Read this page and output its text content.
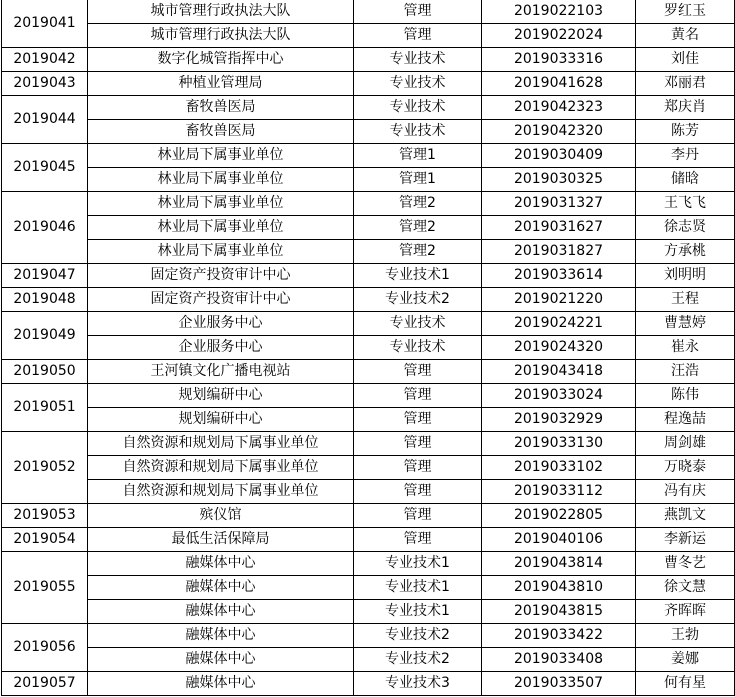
2019041	城市管理行政执法大队	管理	2019022103	罗红玉
	城市管理行政执法大队	管理	2019022024	黄名
2019042	数字化城管指挥中心	专业技术	2019033316	刘佳
2019043	种植业管理局	专业技术	2019041628	邓丽君
2019044	畜牧兽医局	专业技术	2019042323	郑庆肖
	畜牧兽医局	专业技术	2019042320	陈芳
2019045	林业局下属事业单位	管理1	2019030409	李丹
	林业局下属事业单位	管理1	2019030325	储晗
2019046	林业局下属事业单位	管理2	2019031327	王飞飞
	林业局下属事业单位	管理2	2019031627	徐志贤
	林业局下属事业单位	管理2	2019031827	方承桃
2019047	固定资产投资审计中心	专业技术1	2019033614	刘明明
2019048	固定资产投资审计中心	专业技术2	2019021220	王程
2019049	企业服务中心	专业技术	2019024221	曹慧婷
	企业服务中心	专业技术	2019024320	崔永
2019050	王河镇文化广播电视站	管理	2019043418	汪浩
2019051	规划编研中心	管理	2019033024	陈伟
	规划编研中心	管理	2019032929	程逸喆
2019052	自然资源和规划局下属事业单位	管理	2019033130	周剑雄
	自然资源和规划局下属事业单位	管理	2019033102	万晓泰
	自然资源和规划局下属事业单位	管理	2019033112	冯有庆
2019053	殡仪馆	管理	2019022805	燕凯文
2019054	最低生活保障局	管理	2019040106	李新运
2019055	融媒体中心	专业技术1	2019043814	曹冬艺
	融媒体中心	专业技术1	2019043810	徐文慧
	融媒体中心	专业技术1	2019043815	齐晖晖
2019056	融媒体中心	专业技术2	2019033422	王勃
	融媒体中心	专业技术2	2019033408	姜娜
2019057	融媒体中心	专业技术3	2019033507	何有星
